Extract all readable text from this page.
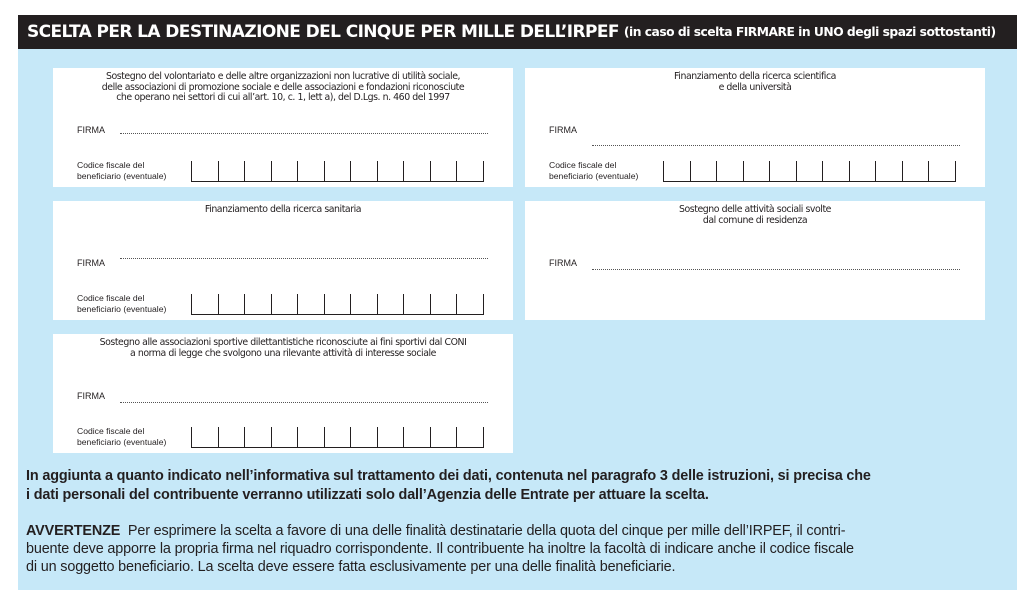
SCELTA PER LA DESTINAZIONE DEL CINQUE PER MILLE DELL’IRPEF (in caso di scelta FIRMARE in UNO degli spazi sottostanti)
Sostegno del volontariato e delle altre organizzazioni non lucrative di utilità sociale,
delle associazioni di promozione sociale e delle associazioni e fondazioni riconosciute
che operano nei settori di cui all’art. 10, c. 1, lett a), del D.Lgs. n. 460 del 1997
FIRMA
Codice fiscale del
beneficiario (eventuale)
Finanziamento della ricerca scientifica
e della università
FIRMA
Codice fiscale del
beneficiario (eventuale)
Finanziamento della ricerca sanitaria
FIRMA
Codice fiscale del
beneficiario (eventuale)
Sostegno delle attività sociali svolte
dal comune di residenza
FIRMA
Sostegno alle associazioni sportive dilettantistiche riconosciute ai fini sportivi dal CONI
a norma di legge che svolgono una rilevante attività di interesse sociale
FIRMA
Codice fiscale del
beneficiario (eventuale)
In aggiunta a quanto indicato nell’informativa sul trattamento dei dati, contenuta nel paragrafo 3 delle istruzioni, si precisa che
i dati personali del contribuente verranno utilizzati solo dall’Agenzia delle Entrate per attuare la scelta.
AVVERTENZE Per esprimere la scelta a favore di una delle finalità destinatarie della quota del cinque per mille dell’IRPEF, il contri-
buente deve apporre la propria firma nel riquadro corrispondente. Il contribuente ha inoltre la facoltà di indicare anche il codice fiscale
di un soggetto beneficiario. La scelta deve essere fatta esclusivamente per una delle finalità beneficiarie.
